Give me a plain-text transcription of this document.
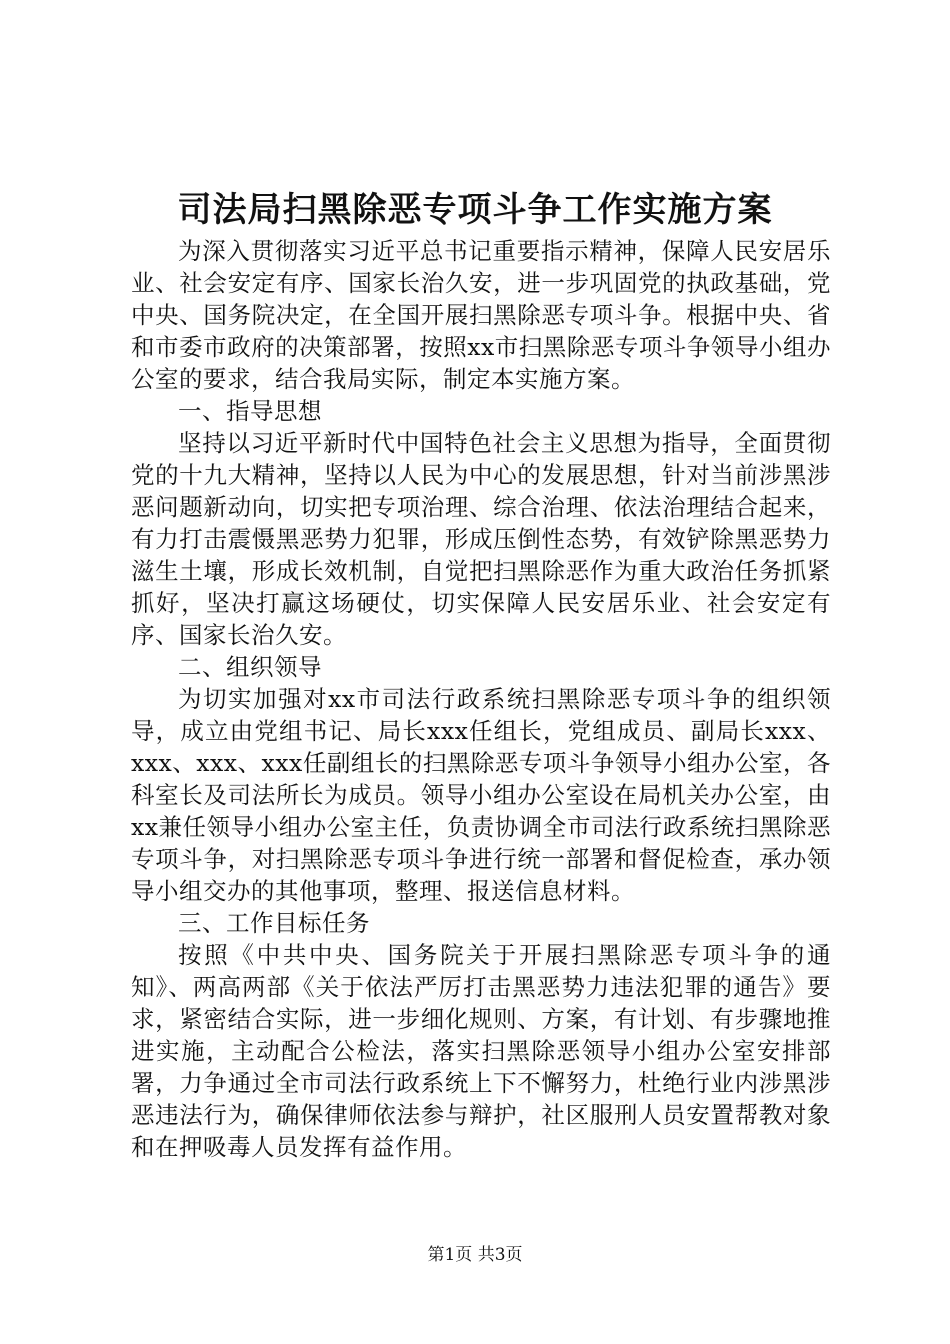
司法局扫黑除恶专项斗争工作实施方案

为深入贯彻落实习近平总书记重要指示精神，保障人民安居乐业、社会安定有序、国家长治久安，进一步巩固党的执政基础，党中央、国务院决定，在全国开展扫黑除恶专项斗争。根据中央、省和市委市政府的决策部署，按照xx市扫黑除恶专项斗争领导小组办公室的要求，结合我局实际，制定本实施方案。

一、指导思想

坚持以习近平新时代中国特色社会主义思想为指导，全面贯彻党的十九大精神，坚持以人民为中心的发展思想，针对当前涉黑涉恶问题新动向，切实把专项治理、综合治理、依法治理结合起来，有力打击震慑黑恶势力犯罪，形成压倒性态势，有效铲除黑恶势力滋生土壤，形成长效机制，自觉把扫黑除恶作为重大政治任务抓紧抓好，坚决打赢这场硬仗，切实保障人民安居乐业、社会安定有序、国家长治久安。

二、组织领导

为切实加强对xx市司法行政系统扫黑除恶专项斗争的组织领导，成立由党组书记、局长xxx任组长，党组成员、副局长xxx、xxx、xxx、xxx任副组长的扫黑除恶专项斗争领导小组办公室，各科室长及司法所长为成员。领导小组办公室设在局机关办公室，由xx兼任领导小组办公室主任，负责协调全市司法行政系统扫黑除恶专项斗争，对扫黑除恶专项斗争进行统一部署和督促检查，承办领导小组交办的其他事项，整理、报送信息材料。

三、工作目标任务

按照《中共中央、国务院关于开展扫黑除恶专项斗争的通知》、两高两部《关于依法严厉打击黑恶势力违法犯罪的通告》要求，紧密结合实际，进一步细化规则、方案，有计划、有步骤地推进实施，主动配合公检法，落实扫黑除恶领导小组办公室安排部署，力争通过全市司法行政系统上下不懈努力，杜绝行业内涉黑涉恶违法行为，确保律师依法参与辩护，社区服刑人员安置帮教对象和在押吸毒人员发挥有益作用。

第1页 共3页
